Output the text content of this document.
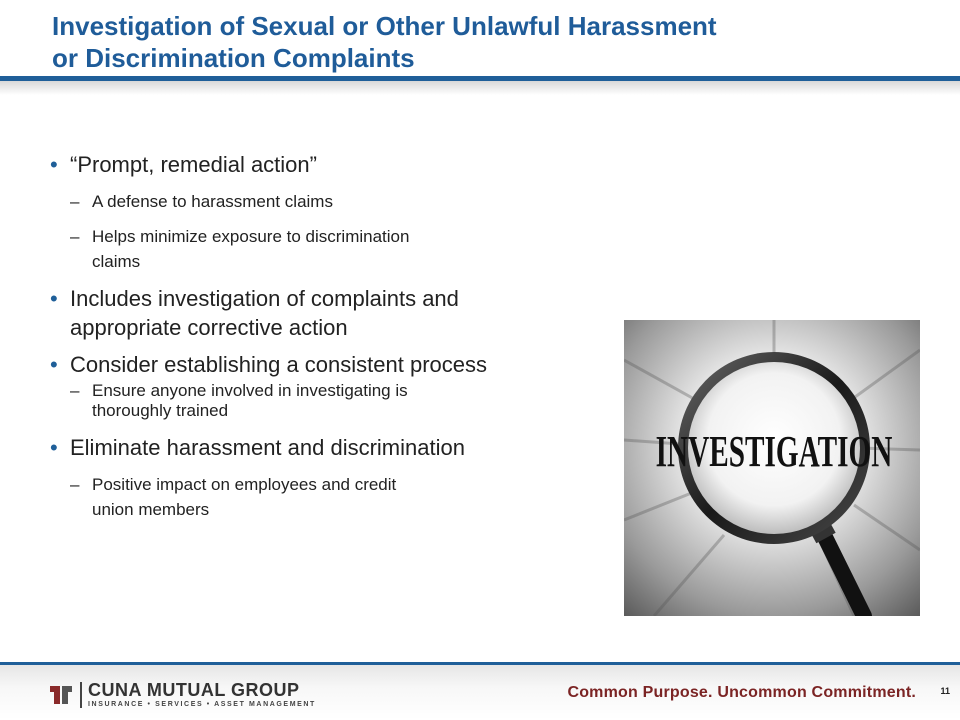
Investigation of Sexual or Other Unlawful Harassment
or Discrimination Complaints
• “Prompt, remedial action”
– A defense to harassment claims
– Helps minimize exposure to discrimination
claims
• Includes investigation of complaints and
appropriate corrective action
• Consider establishing a consistent process
– Ensure anyone involved in investigating is
thoroughly trained
• Eliminate harassment and discrimination
– Positive impact on employees and credit
union members
INVESTIGATION
CUNA MUTUAL GROUP
INSURANCE • SERVICES • ASSET MANAGEMENT
Common Purpose. Uncommon Commitment.	11
